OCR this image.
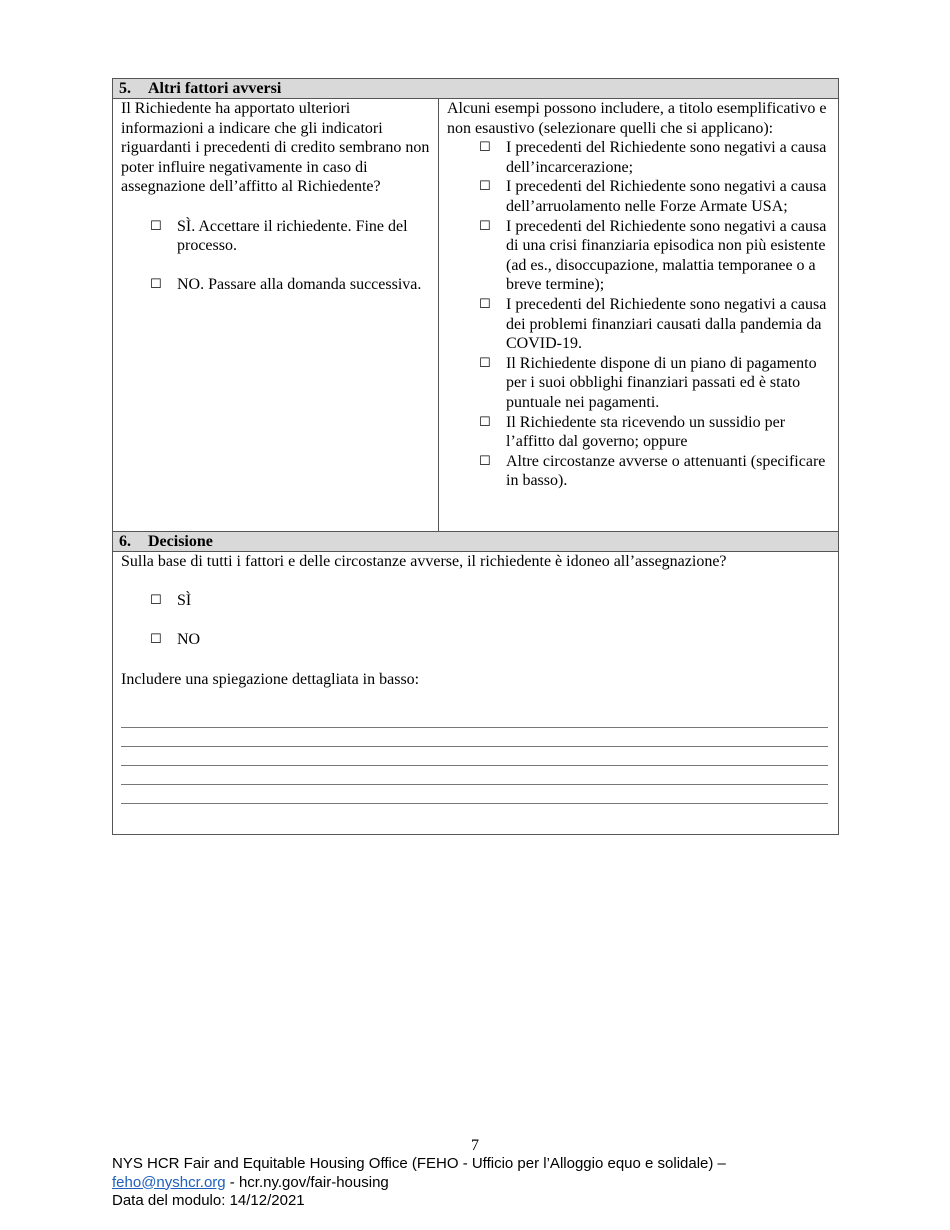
5. Altri fattori avversi

Il Richiedente ha apportato ulteriori informazioni a indicare che gli indicatori riguardanti i precedenti di credito sembrano non poter influire negativamente in caso di assegnazione dell’affitto al Richiedente?

☐ SÌ. Accettare il richiedente. Fine del processo.
☐ NO. Passare alla domanda successiva.

Alcuni esempi possono includere, a titolo esemplificativo e non esaustivo (selezionare quelli che si applicano):

☐ I precedenti del Richiedente sono negativi a causa dell’incarcerazione;
☐ I precedenti del Richiedente sono negativi a causa dell’arruolamento nelle Forze Armate USA;
☐ I precedenti del Richiedente sono negativi a causa di una crisi finanziaria episodica non più esistente (ad es., disoccupazione, malattia temporanee o a breve termine);
☐ I precedenti del Richiedente sono negativi a causa dei problemi finanziari causati dalla pandemia da COVID-19.
☐ Il Richiedente dispone di un piano di pagamento per i suoi obblighi finanziari passati ed è stato puntuale nei pagamenti.
☐ Il Richiedente sta ricevendo un sussidio per l’affitto dal governo; oppure
☐ Altre circostanze avverse o attenuanti (specificare in basso).
6. Decisione

Sulla base di tutti i fattori e delle circostanze avverse, il richiedente è idoneo all’assegnazione?

☐ SÌ
☐ NO
Includere una spiegazione dettagliata in basso:
7
NYS HCR Fair and Equitable Housing Office (FEHO - Ufficio per l’Alloggio equo e solidale) –
feho@nyshcr.org - hcr.ny.gov/fair-housing
Data del modulo: 14/12/2021
